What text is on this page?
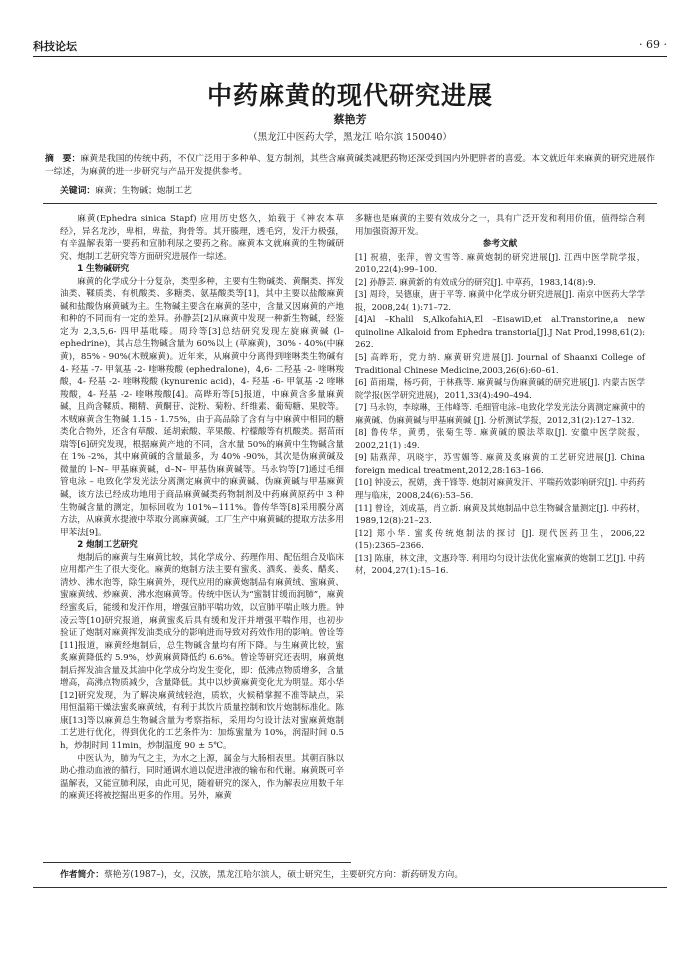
科技论坛	· 69 ·
中药麻黄的现代研究进展
蔡艳芳
（黑龙江中医药大学，黑龙江 哈尔滨 150040）
摘　要：麻黄是我国的传统中药，不仅广泛用于多种单、复方制剂，其些含麻黄碱类减肥药物还深受到国内外肥胖者的喜爱。本文就近年来麻黄的研究进展作一综述，为麻黄的进一步研究与产品开发提供参考。
关键词：麻黄；生物碱；炮制工艺

麻黄(Ephedra sinica Stapf) 应用历史悠久，始载于《神农本草经》，异名龙沙，卑相，卑盐，狗骨等。其开腠理，透毛窍，发汗力极强，有辛温解表第一要药和宣肺利尿之要药之称。麻黄本文就麻黄的生物碱研究、炮制工艺研究等方面研究进展作一综述。

1 生物碱研究

麻黄的化学成分十分复杂，类型多种，主要有生物碱类、黄酮类、挥发油类、鞣质类、有机酸类、多糖类、氨基酸类等[1]，其中主要以盐酸麻黄碱和盐酸伪麻黄碱为主。生物碱主要含在麻黄的茎中，含量又因麻黄的产地和种的不同而有一定的差异。孙静芸[2]从麻黄中发现一种新生物碱，经鉴定为 2,3,5,6- 四甲基吡嗪。周玲等[3]总结研究发现左旋麻黄碱 (l–ephedrine)，其占总生物碱含量为 60%以上 (草麻黄)，30% - 40%(中麻黄)，85% - 90%(木贼麻黄)。近年来，从麻黄中分离得到喹啉类生物碱有 4- 羟基 -7- 甲氧基 -2- 喹啉羧酸 (ephedralone)，4,6- 二羟基 -2- 喹啉羧酸，4- 羟基 -2- 喹啉羧酸 (kynurenic acid)，4- 羟基 -6- 甲氧基 -2 喹啉羧酸，4- 羟基 -2- 喹啉羧酸[4]。高晔珩等[5]报道，中麻黄含多量麻黄碱，且尚含鞣质、糊精、黄酮苷、淀粉、菊粉、纤维素、葡萄糖、果胶等。木贼麻黄含生物碱 1.15 - 1.75%，由于高品除了含有与中麻黄中相同的糖类化合物外，还含有草酸、延胡索酸、苹果酸、柠檬酸等有机酸类。据苗雨瑞等[6]研究发现，根据麻黄产地的不同，含水量 50%的麻黄中生物碱含量在 1% -2%，其中麻黄碱的含量最多，为 40% -90%，其次是伪麻黄碱及微量的 l–N– 甲基麻黄碱，d–N– 甲基伪麻黄碱等。马永钧等[7]通过毛细管电泳 – 电致化学发光法分离测定麻黄中的麻黄碱、伪麻黄碱与甲基麻黄碱，该方法已经成功地用于商品麻黄碱类药物制剂及中药麻黄原药中 3 种生物碱含量的测定，加标回收为 101%~111%。鲁传华等[8]采用膜分离方法，从麻黄水提液中萃取分离麻黄碱。工厂生产中麻黄碱的提取方法多用甲苯法[9]。

2 炮制工艺研究

炮制后的麻黄与生麻黄比较，其化学成分、药理作用、配伍组合及临床应用都产生了很大变化。麻黄的炮制方法主要有蜜炙、酒炙、姜炙、醋炙、清炒、沸水泡等，除生麻黄外，现代应用的麻黄炮制品有麻黄绒、蜜麻黄、蜜麻黄绒、炒麻黄、沸水泡麻黄等。传统中医认为“蜜制甘缓而润肺”，麻黄经蜜炙后，能缓和发汗作用，增强宣肺平喘功效，以宣肺平喘止咳力胜。钟凌云等[10]研究报道，麻黄蜜炙后具有缓和发汗并增强平喘作用，也初步验证了炮制对麻黄挥发油类成分的影响进而导致对药效作用的影响。曾诠等[11]报道，麻黄经炮制后，总生物碱含量均有所下降。与生麻黄比较，蜜炙麻黄降低约 5.9%，炒黄麻黄降低约 6.6%。曾诠等研究还表明，麻黄炮制后挥发油含量及其油中化学成分均发生变化，即：低沸点物质增多，含量增高，高沸点物质减少，含量降低。其中以炒黄麻黄变化尤为明显。郑小华[12]研究发现，为了解决麻黄绒轻泡，质软，火候稍掌握不准等缺点，采用恒温箱干燥法蜜炙麻黄绒，有利于其饮片质量控制和饮片炮制标准化。陈康[13]等以麻黄总生物碱含量为考察指标，采用均匀设计法对蜜麻黄炮制工艺进行优化，得到优化的工艺条件为：加炼蜜量为 10%，润湿时间 0.5 h，炒制时间 11min，炒制温度 90 ± 5℃。

中医认为，肺为气之主，为水之上源，属金与大肠相表里。其朝百脉以助心推动血液的循行，同时通调水道以促进津液的输布和代谢。麻黄既可辛温解表，又能宣肺利尿，由此可见，随着研究的深入，作为解表应用数千年的麻黄还将被挖掘出更多的作用。另外，麻黄

多糖也是麻黄的主要有效成分之一，具有广泛开发和利用价值，值得综合利用加强资源开发。

参考文献

[1] 祝禧，张萍，曾文雪等. 麻黄炮制的研究进展[J]. 江西中医学院学报，2010,22(4):99–100.

[2] 孙静芸. 麻黄新的有效成分的研究[J]. 中草药，1983,14(8):9.

[3] 周玲，吴德康，唐于平等. 麻黄中化学成分研究进展[J]. 南京中医药大学学报，2008,24( 1):71–72.

[4]Al –Khalil S,AlkofahiA,El –EisawiD,et al.Transtorine,a new quinoline Alkaloid from Ephedra transtoria[J].J Nat Prod,1998,61(2): 262.

[5] 高晔珩，党力纳. 麻黄研究进展[J]. Journal of Shaanxi College of Traditional Chinese Medicine,2003,26(6):60–61.

[6] 苗雨瑞，杨巧荷，于林燕等. 麻黄碱与伪麻黄碱的研究进展[J]. 内蒙古医学院学报(医学研究进展)，2011,33(4):490–494.

[7] 马永钧，李琼琳，王伟峰等. 毛细管电泳–电致化学发光法分离测定麻黄中的麻黄碱、伪麻黄碱与甲基麻黄碱 [J]. 分析测试学报，2012,31(2):127–132.

[8] 鲁传华，黄勇，张菊生等. 麻黄碱的膜法萃取[J]. 安徽中医学院报，2002,21(1) :49.

[9] 陆燕萍，巩晓宇，苏雪媚等. 麻黄及炙麻黄的工艺研究进展[J]. China foreign medical treatment,2012,28:163–166.

[10] 钟凌云，祝婧，龚千锋等. 炮制对麻黄发汗、平喘药效影响研究[J]. 中药药理与临床，2008,24(6):53–56.

[11] 曾诠，刘成基，肖立新. 麻黄及其炮制品中总生物碱含量测定[J]. 中药材，1989,12(8):21–23.

[12] 郑小华. 蜜炙传统炮制法的探讨 [J]. 现代医药卫生，2006,22 (15):2365–2366.

[13] 陈康，林文津，文惠玲等. 利用均匀设计法优化蜜麻黄的炮制工艺[J]. 中药材，2004,27(1):15–16.

作者简介：蔡艳芳(1987–)，女，汉族，黑龙江哈尔滨人，硕士研究生，主要研究方向：新药研发方向。
